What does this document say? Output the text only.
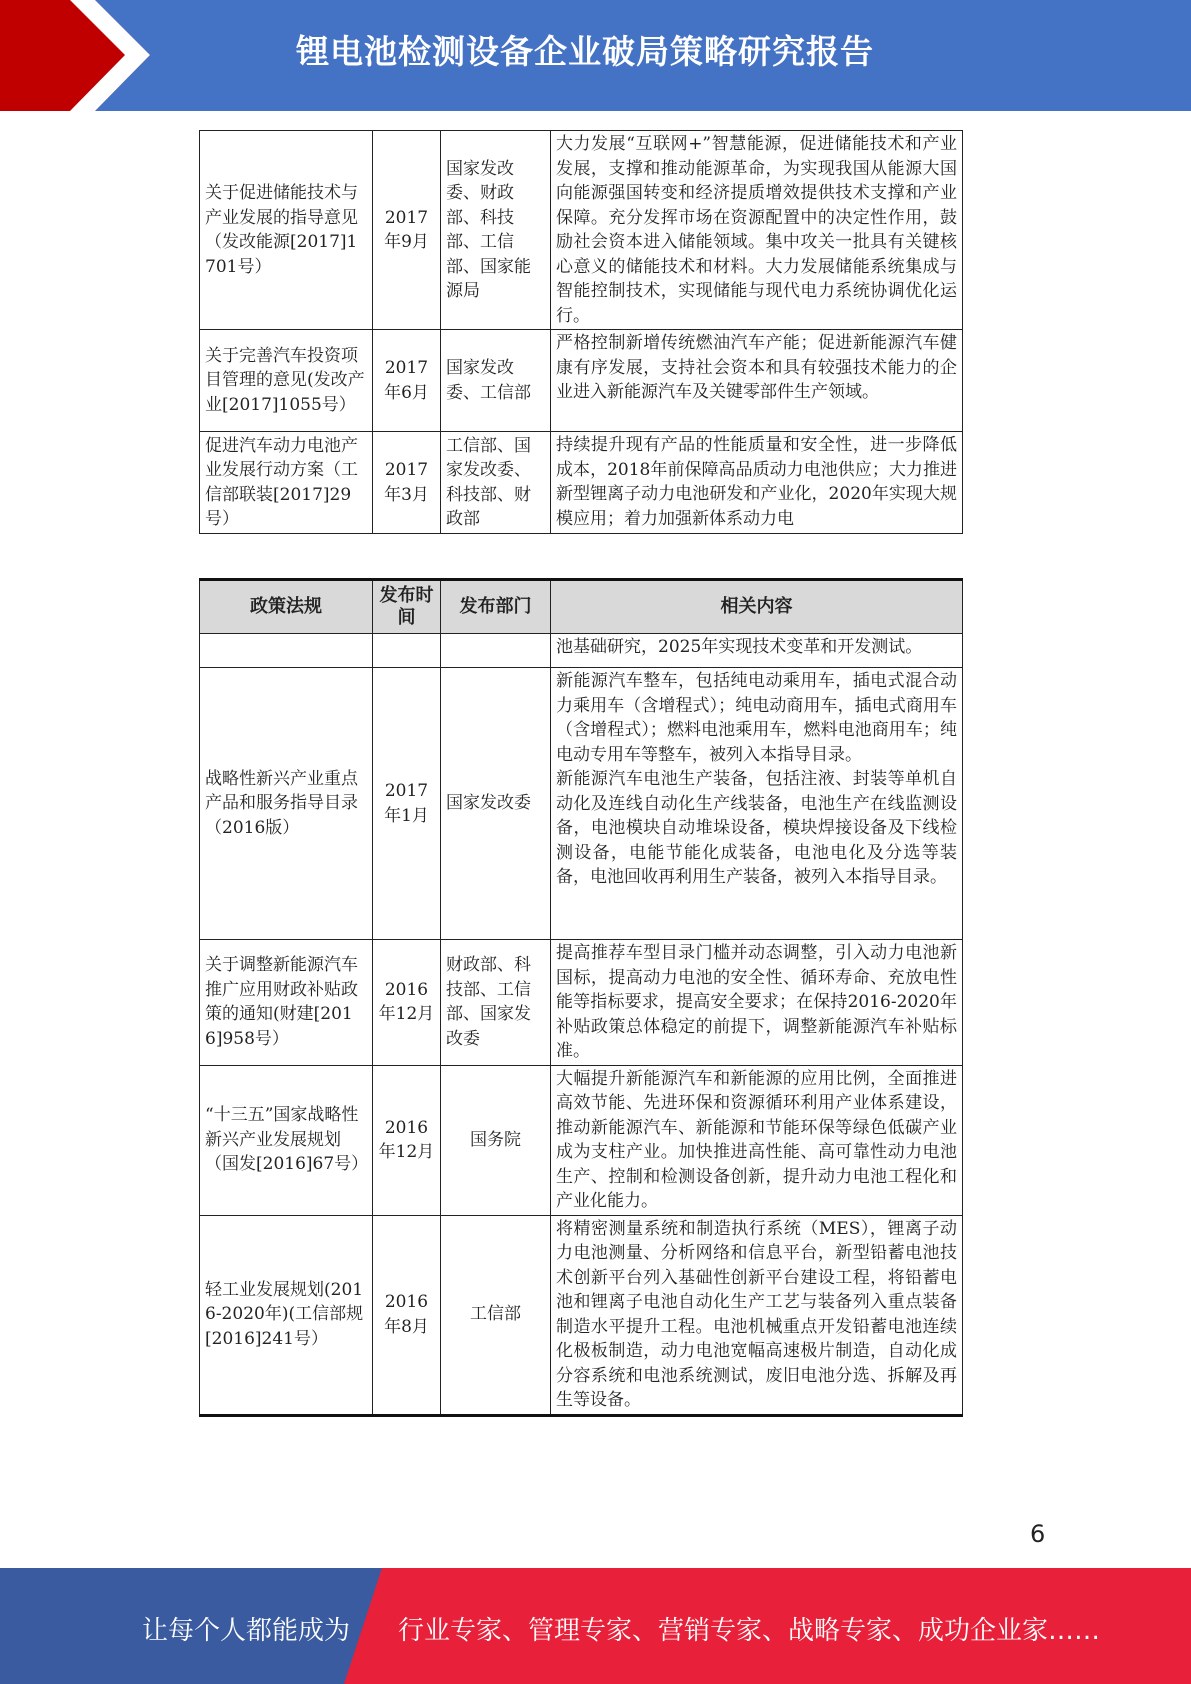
锂电池检测设备企业破局策略研究报告
关于促进储能技术与产业发展的指导意见（发改能源[2017]1701号）	2017年9月	国家发改委、财政部、科技部、工信部、国家能源局	大力发展“互联网+”智慧能源，促进储能技术和产业发展，支撑和推动能源革命，为实现我国从能源大国向能源强国转变和经济提质增效提供技术支撑和产业保障。充分发挥市场在资源配置中的决定性作用，鼓励社会资本进入储能领域。集中攻关一批具有关键核心意义的储能技术和材料。大力发展储能系统集成与智能控制技术，实现储能与现代电力系统协调优化运行。
关于完善汽车投资项目管理的意见(发改产业[2017]1055号）	2017年6月	国家发改委、工信部	严格控制新增传统燃油汽车产能；促进新能源汽车健康有序发展，支持社会资本和具有较强技术能力的企业进入新能源汽车及关键零部件生产领域。
促进汽车动力电池产业发展行动方案（工信部联装[2017]29号）	2017年3月	工信部、国家发改委、科技部、财政部	持续提升现有产品的性能质量和安全性，进一步降低成本，2018年前保障高品质动力电池供应；大力推进新型锂离子动力电池研发和产业化，2020年实现大规模应用；着力加强新体系动力电
政策法规	发布时间	发布部门	相关内容
			池基础研究，2025年实现技术变革和开发测试。
战略性新兴产业重点产品和服务指导目录（2016版）	2017年1月	国家发改委	新能源汽车整车，包括纯电动乘用车，插电式混合动力乘用车（含增程式）；纯电动商用车，插电式商用车（含增程式）；燃料电池乘用车，燃料电池商用车；纯电动专用车等整车，被列入本指导目录。
新能源汽车电池生产装备，包括注液、封装等单机自动化及连线自动化生产线装备，电池生产在线监测设备，电池模块自动堆垛设备，模块焊接设备及下线检测设备，电能节能化成装备，电池电化及分选等装备，电池回收再利用生产装备，被列入本指导目录。
关于调整新能源汽车推广应用财政补贴政策的通知(财建[2016]958号）	2016年12月	财政部、科技部、工信部、国家发改委	提高推荐车型目录门槛并动态调整，引入动力电池新国标，提高动力电池的安全性、循环寿命、充放电性能等指标要求，提高安全要求；在保持2016-2020年补贴政策总体稳定的前提下，调整新能源汽车补贴标准。
“十三五”国家战略性新兴产业发展规划（国发[2016]67号）	2016年12月	国务院	大幅提升新能源汽车和新能源的应用比例，全面推进高效节能、先进环保和资源循环利用产业体系建设，推动新能源汽车、新能源和节能环保等绿色低碳产业成为支柱产业。加快推进高性能、高可靠性动力电池生产、控制和检测设备创新，提升动力电池工程化和产业化能力。
轻工业发展规划(2016-2020年)(工信部规[2016]241号）	2016年8月	工信部	将精密测量系统和制造执行系统（MES），锂离子动力电池测量、分析网络和信息平台，新型铅蓄电池技术创新平台列入基础性创新平台建设工程，将铅蓄电池和锂离子电池自动化生产工艺与装备列入重点装备制造水平提升工程。电池机械重点开发铅蓄电池连续化极板制造，动力电池宽幅高速极片制造，自动化成分容系统和电池系统测试，废旧电池分选、拆解及再生等设备。
6
让每个人都能成为 行业专家、管理专家、营销专家、战略专家、成功企业家……
